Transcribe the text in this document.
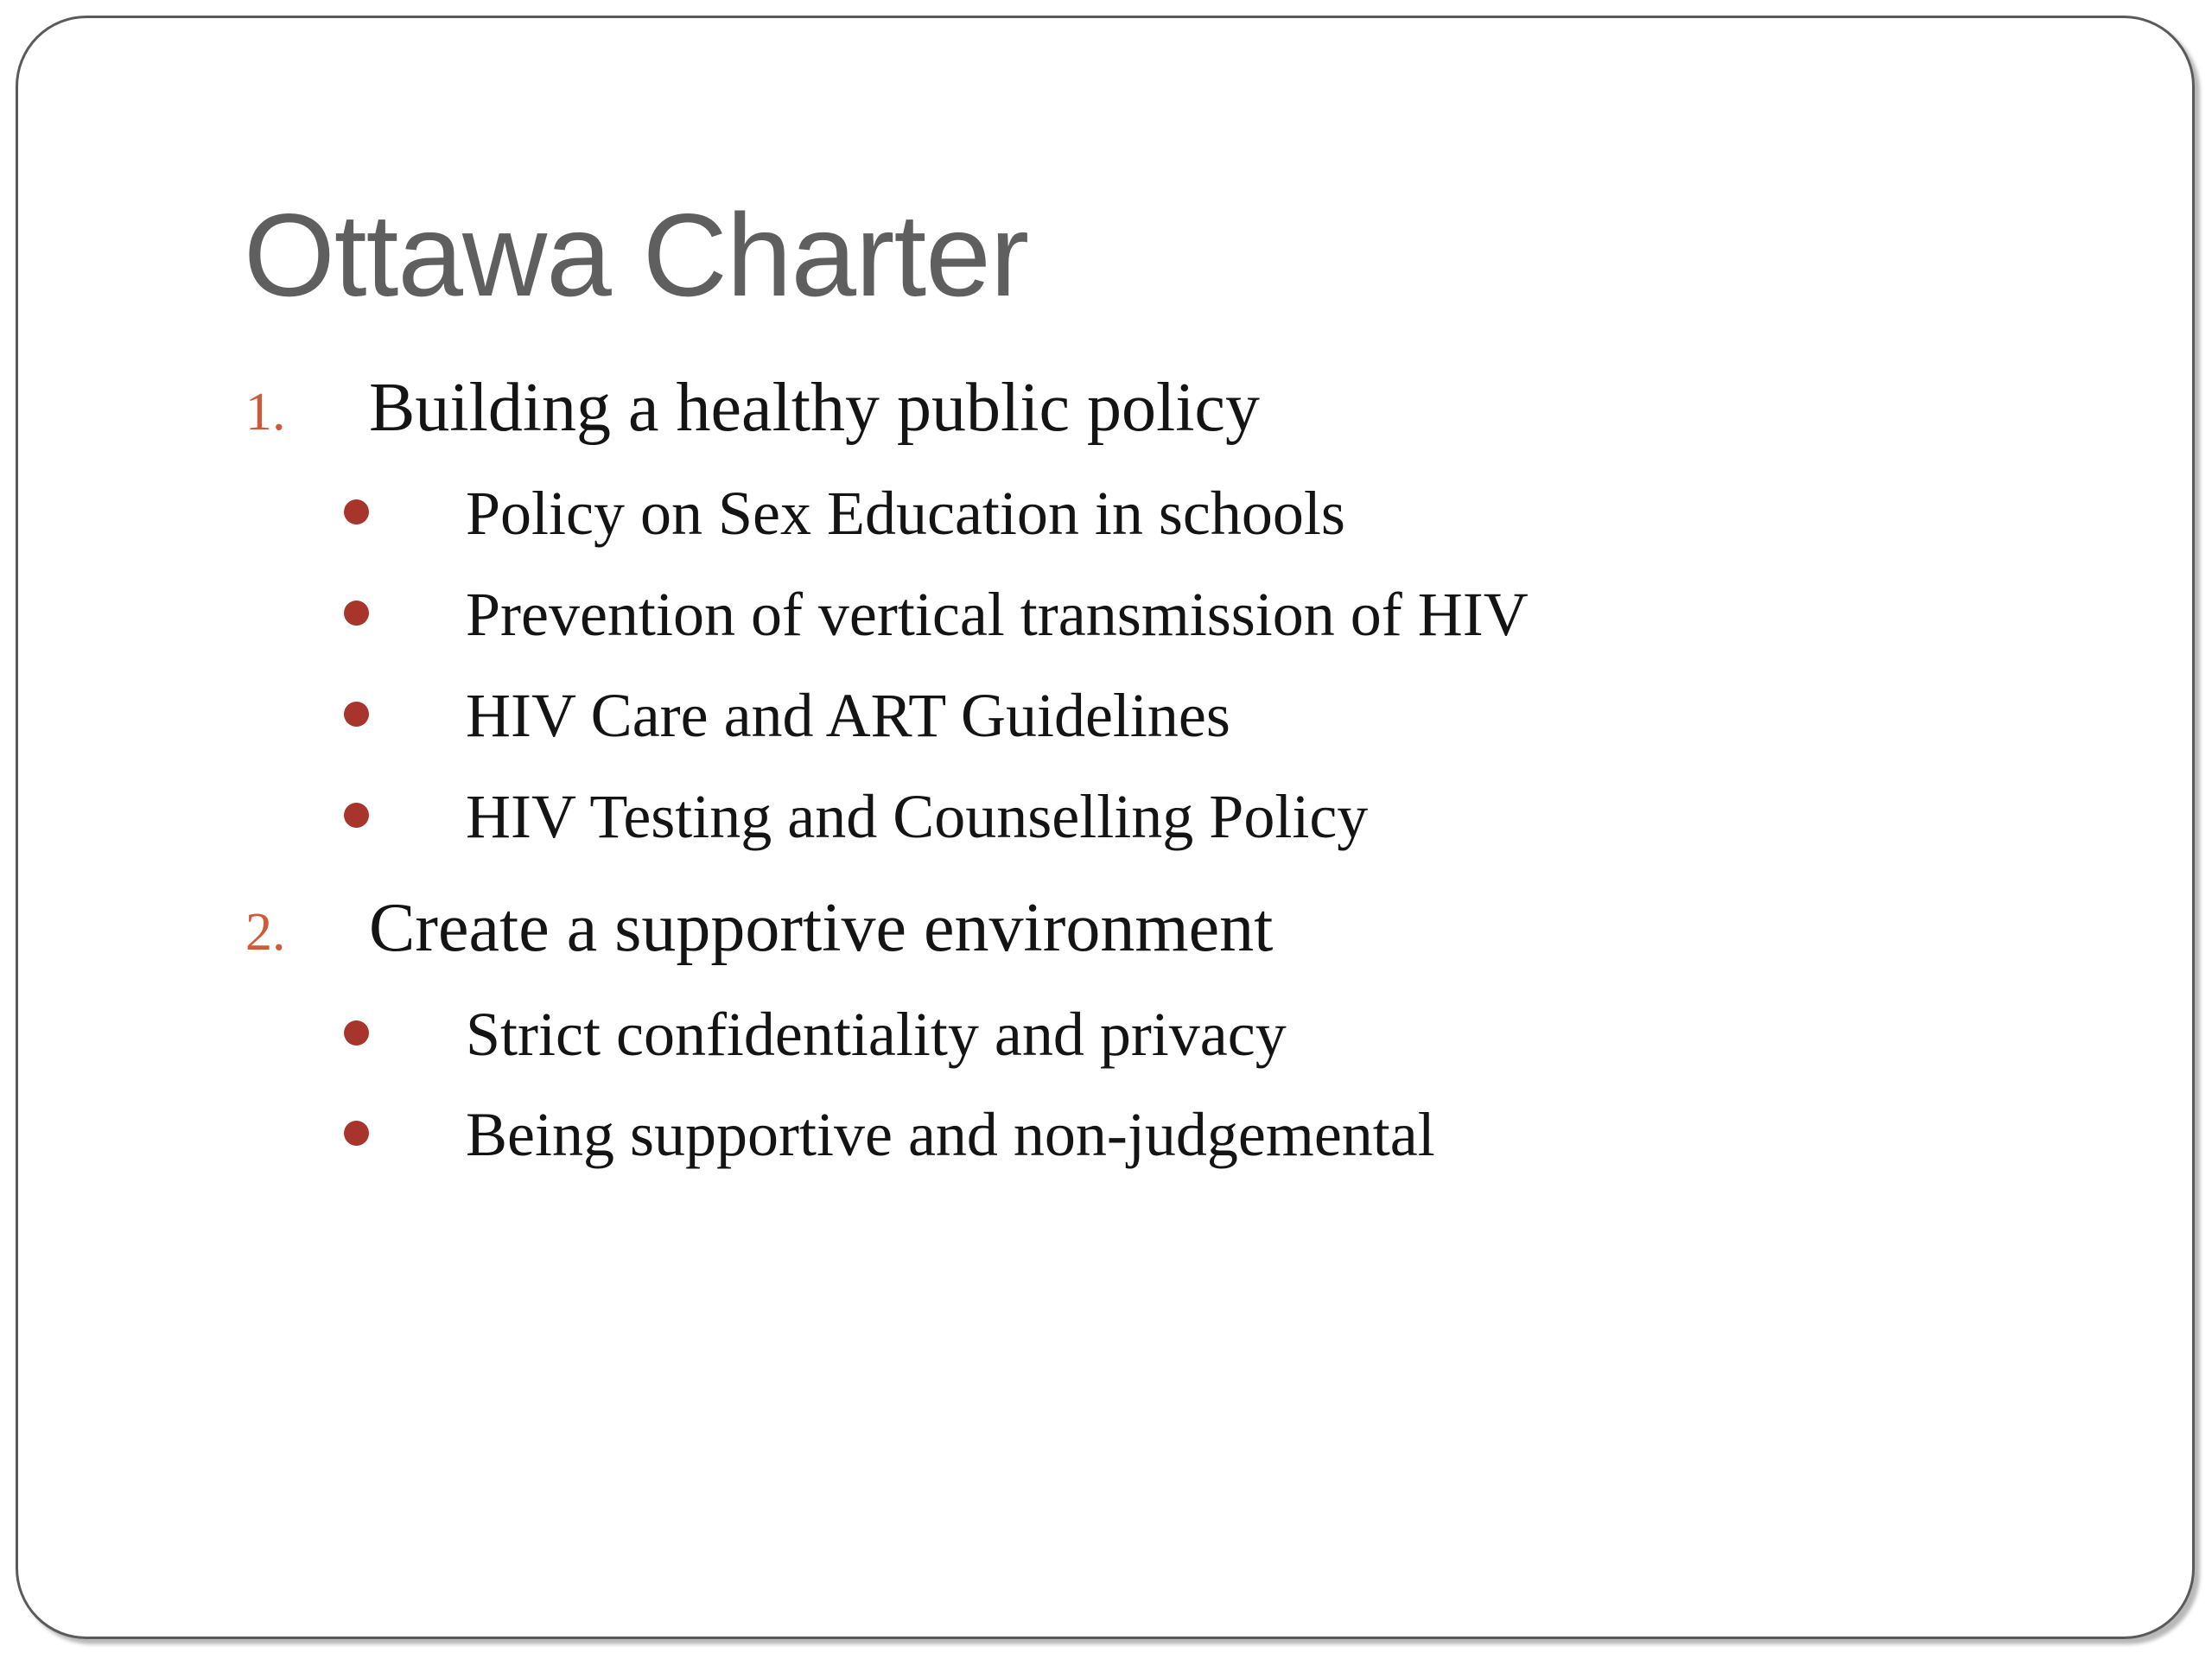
Ottawa Charter
1. Building a healthy public policy
Policy on Sex Education in schools
Prevention of vertical transmission of HIV
HIV Care and ART Guidelines
HIV Testing and Counselling Policy
2. Create a supportive environment
Strict confidentiality and privacy
Being supportive and non-judgemental
